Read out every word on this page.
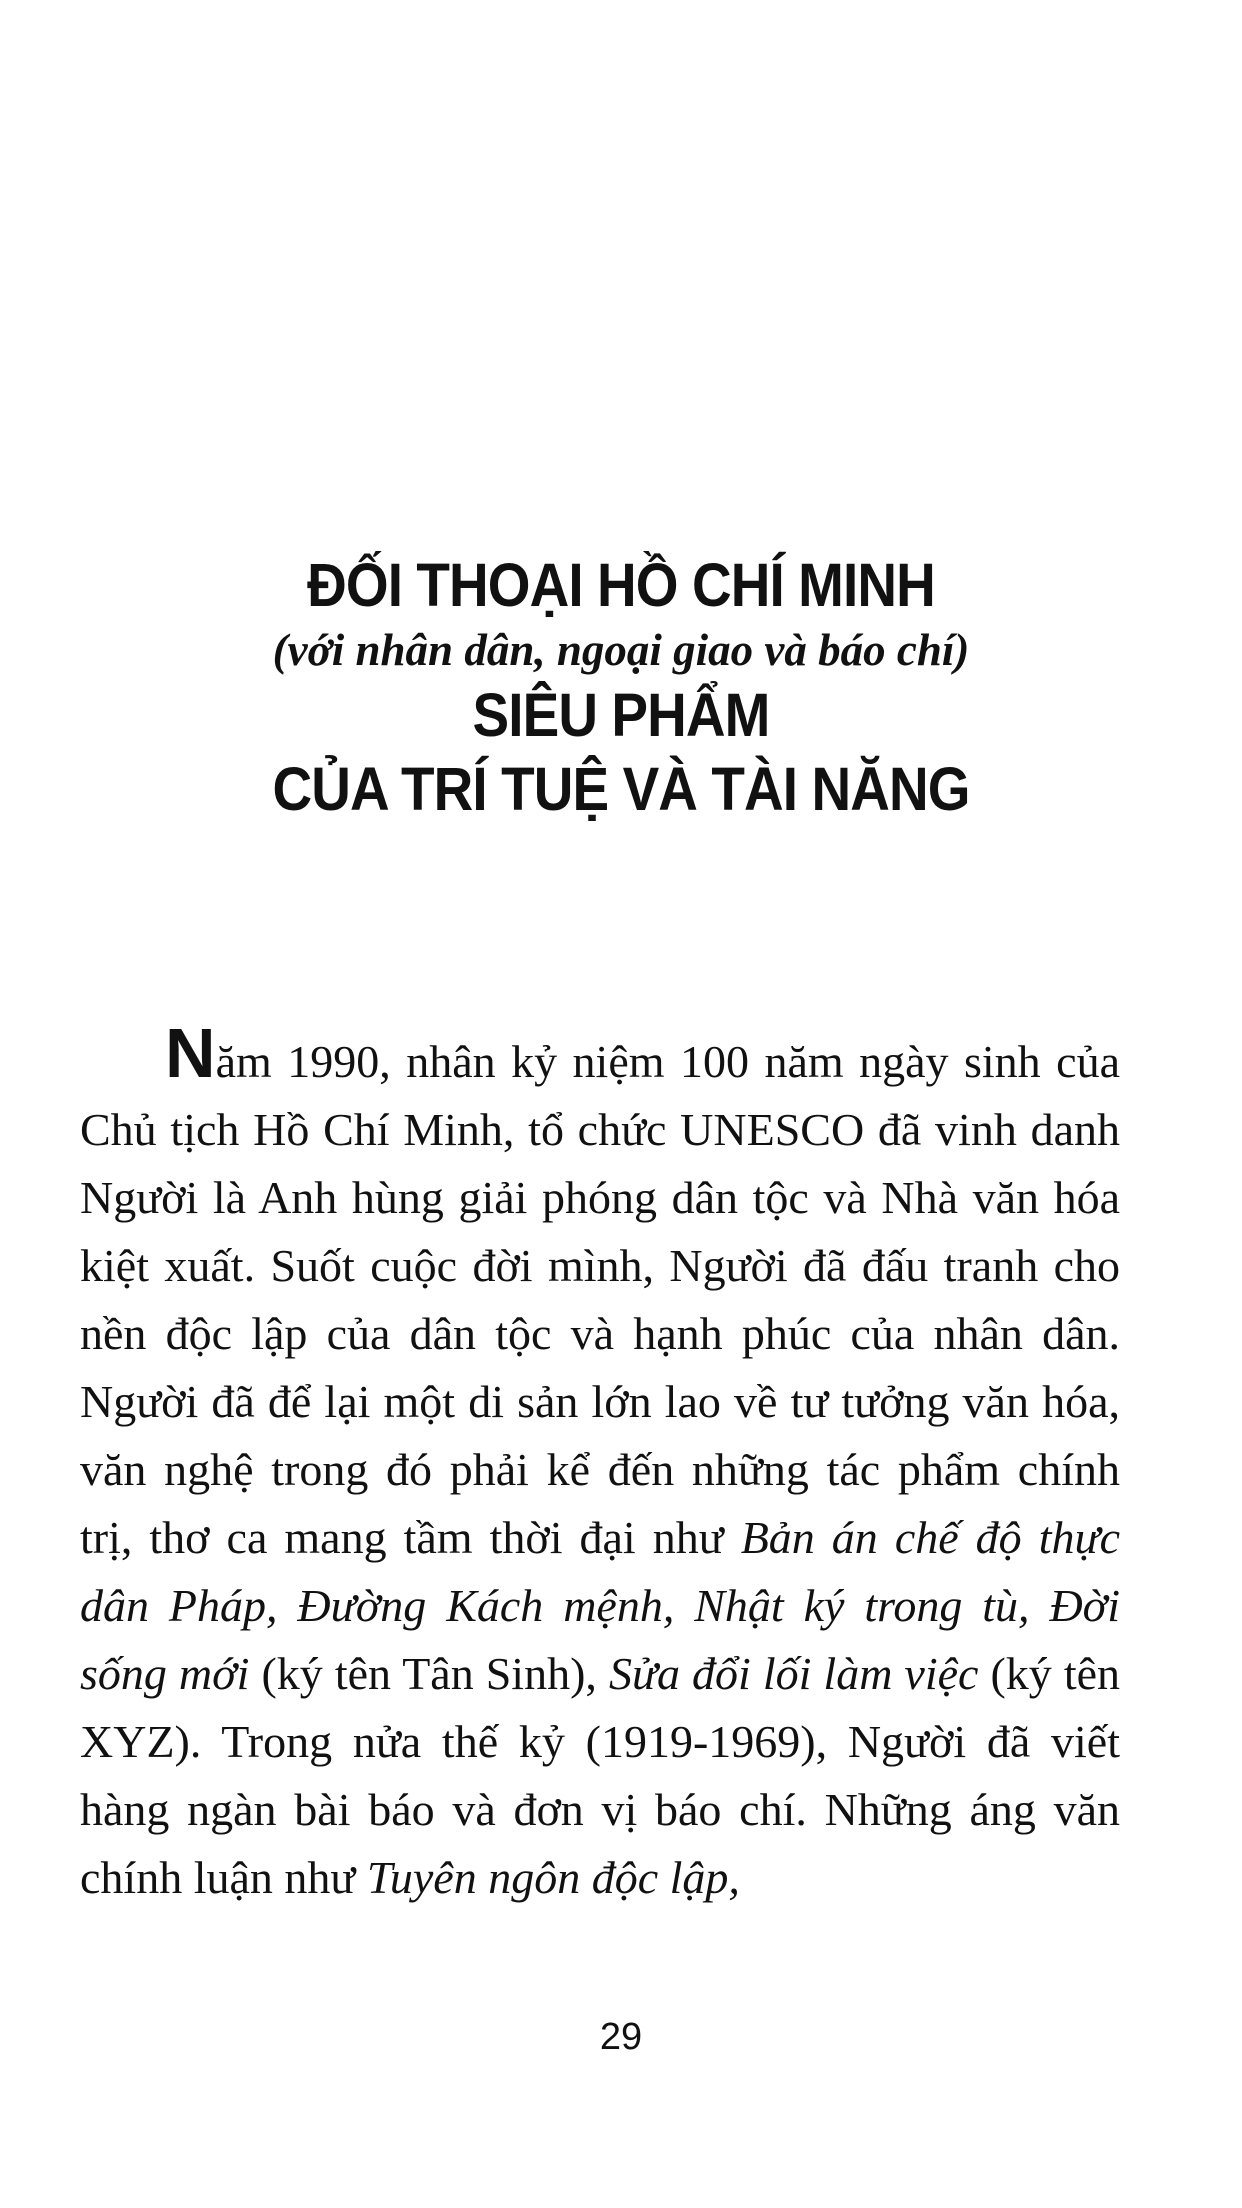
ĐỐI THOẠI HỒ CHÍ MINH

(với nhân dân, ngoại giao và báo chí)

SIÊU PHẨM

CỦA TRÍ TUỆ VÀ TÀI NĂNG

Năm 1990, nhân kỷ niệm 100 năm ngày sinh của Chủ tịch Hồ Chí Minh, tổ chức UNESCO đã vinh danh Người là Anh hùng giải phóng dân tộc và Nhà văn hóa kiệt xuất. Suốt cuộc đời mình, Người đã đấu tranh cho nền độc lập của dân tộc và hạnh phúc của nhân dân. Người đã để lại một di sản lớn lao về tư tưởng văn hóa, văn nghệ trong đó phải kể đến những tác phẩm chính trị, thơ ca mang tầm thời đại như Bản án chế độ thực dân Pháp, Đường Kách mệnh, Nhật ký trong tù, Đời sống mới (ký tên Tân Sinh), Sửa đổi lối làm việc (ký tên XYZ). Trong nửa thế kỷ (1919-1969), Người đã viết hàng ngàn bài báo và đơn vị báo chí. Những áng văn chính luận như Tuyên ngôn độc lập,

29
